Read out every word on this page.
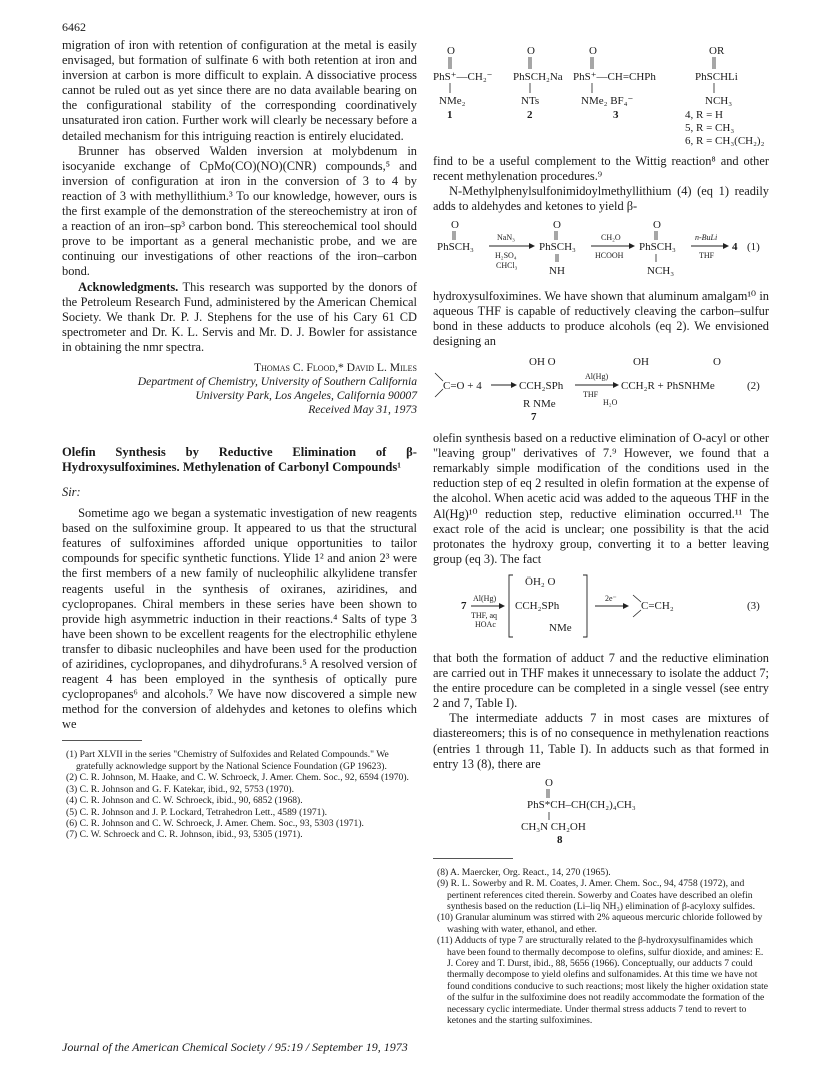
6462

migration of iron with retention of configuration at the metal is easily envisaged, but formation of sulfinate 6 with both retention at iron and inversion at carbon is more difficult to explain. A dissociative process cannot be ruled out as yet since there are no data available bearing on the configurational stability of the corresponding coordinatively unsaturated iron cation. Further work will clearly be necessary before a detailed mechanism for this intriguing reaction is entirely elucidated.

Brunner has observed Walden inversion at molybdenum in isocyanide exchange of CpMo(CO)(NO)(CNR) compounds,⁵ and inversion of configuration at iron in the conversion of 3 to 4 by reaction of 3 with methyllithium.³ To our knowledge, however, ours is the first example of the demonstration of the stereochemistry at iron of a reaction of an iron–sp³ carbon bond. This stereochemical tool should prove to be important as a general mechanistic probe, and we are continuing our investigations of other reactions of the iron–carbon bond.

Acknowledgments. This research was supported by the donors of the Petroleum Research Fund, administered by the American Chemical Society. We thank Dr. P. J. Stephens for the use of his Cary 61 CD spectrometer and Dr. K. L. Servis and Mr. D. J. Bowler for assistance in obtaining the nmr spectra.

Thomas C. Flood,* David L. Miles
Department of Chemistry, University of Southern California
University Park, Los Angeles, California 90007
Received May 31, 1973
Olefin Synthesis by Reductive Elimination of β-Hydroxysulfoximines. Methylenation of Carbonyl Compounds¹
Sir:

Sometime ago we began a systematic investigation of new reagents based on the sulfoximine group. It appeared to us that the structural features of sulfoximines afforded unique opportunities to tailor compounds for specific synthetic functions. Ylide 1² and anion 2³ were the first members of a new family of nucleophilic alkylidene transfer reagents useful in the synthesis of oxiranes, aziridines, and cyclopropanes. Chiral members in these series have been shown to provide high asymmetric induction in their reactions.⁴ Salts of type 3 have been shown to be excellent reagents for the electrophilic ethylene transfer to dibasic nucleophiles and have been used for the production of aziridines, cyclopropanes, and dihydrofurans.⁵ A resolved version of reagent 4 has been employed in the synthesis of optically pure cyclopropanes⁶ and alcohols.⁷ We have now discovered a simple new method for the conversion of aldehydes and ketones to olefins which we

(1) Part XLVII in the series "Chemistry of Sulfoxides and Related Compounds." We gratefully acknowledge support by the National Science Foundation (GP 19623).
(2) C. R. Johnson, M. Haake, and C. W. Schroeck, J. Amer. Chem. Soc., 92, 6594 (1970).
(3) C. R. Johnson and G. F. Katekar, ibid., 92, 5753 (1970).
(4) C. R. Johnson and C. W. Schroeck, ibid., 90, 6852 (1968).
(5) C. R. Johnson and J. P. Lockard, Tetrahedron Lett., 4589 (1971).
(6) C. R. Johnson and C. W. Schroeck, J. Amer. Chem. Soc., 93, 5303 (1971).
(7) C. W. Schroeck and C. R. Johnson, ibid., 93, 5305 (1971).
O
PhS⁺—CH₂⁻
NMe₂
1
O
PhSCH₂Na
NTs
2
O
PhS⁺—CH=CHPh
NMe₂ BF₄⁻
3
OR
PhSCHLi
NCH₃
4, R = H
5, R = CH₃
6, R = CH₃(CH₂)₂

find to be a useful complement to the Wittig reaction⁸ and other recent methylenation procedures.⁹

N-Methylphenylsulfonimidoylmethyllithium (4) (eq 1) readily adds to aldehydes and ketones to yield β-

O
PhSCH₃
NaN₃
H₂SO₄
CHCl₃
O
PhSCH₃
NH
CH₂O
HCOOH
O
PhSCH₃
NCH₃
n-BuLi
THF
4 (1)

hydroxysulfoximines. We have shown that aluminum amalgam¹⁰ in aqueous THF is capable of reductively cleaving the carbon–sulfur bond in these adducts to produce alcohols (eq 2). We envisioned designing an

C=O + 4
OH O
CCH₂SPh
R NMe
7
Al(Hg)
THF
H₂O
OH	O
CCH₂R + PhSNHMe	(2)

olefin synthesis based on a reductive elimination of O-acyl or other "leaving group" derivatives of 7.⁹ However, we found that a remarkably simple modification of the conditions used in the reduction step of eq 2 resulted in olefin formation at the expense of the alcohol. When acetic acid was added to the aqueous THF in the Al(Hg)¹⁰ reduction step, reductive elimination occurred.¹¹ The exact role of the acid is unclear; one possibility is that the acid protonates the hydroxy group, converting it to a better leaving group (eq 3). The fact

7
Al(Hg)
THF, aq
HOAc
ÖH₂ O
CCH₂SPh
NMe
2e⁻
C=CH₂	(3)

that both the formation of adduct 7 and the reductive elimination are carried out in THF makes it unnecessary to isolate the adduct 7; the entire procedure can be completed in a single vessel (see entry 2 and 7, Table I).

The intermediate adducts 7 in most cases are mixtures of diastereomers; this is of no consequence in methylenation reactions (entries 1 through 11, Table I). In adducts such as that formed in entry 13 (8), there are

O
PhS*CH–CH(CH₂)₄CH₃
CH₃N CH₂OH
8
(8) A. Maercker, Org. React., 14, 270 (1965).
(9) R. L. Sowerby and R. M. Coates, J. Amer. Chem. Soc., 94, 4758 (1972), and pertinent references cited therein. Sowerby and Coates have described an olefin synthesis based on the reduction (Li–liq NH₃) elimination of β-acyloxy sulfides.
(10) Granular aluminum was stirred with 2% aqueous mercuric chloride followed by washing with water, ethanol, and ether.
(11) Adducts of type 7 are structurally related to the β-hydroxysulfinamides which have been found to thermally decompose to olefins, sulfur dioxide, and amines: E. J. Corey and T. Durst, ibid., 88, 5656 (1966). Conceptually, our adducts 7 could thermally decompose to yield olefins and sulfonamides. At this time we have not found conditions conducive to such reactions; most likely the higher oxidation state of the sulfur in the sulfoximine does not readily accommodate the formation of the necessary cyclic intermediate. Under thermal stress adducts 7 tend to revert to ketones and the starting sulfoximines.
Journal of the American Chemical Society / 95:19 / September 19, 1973
